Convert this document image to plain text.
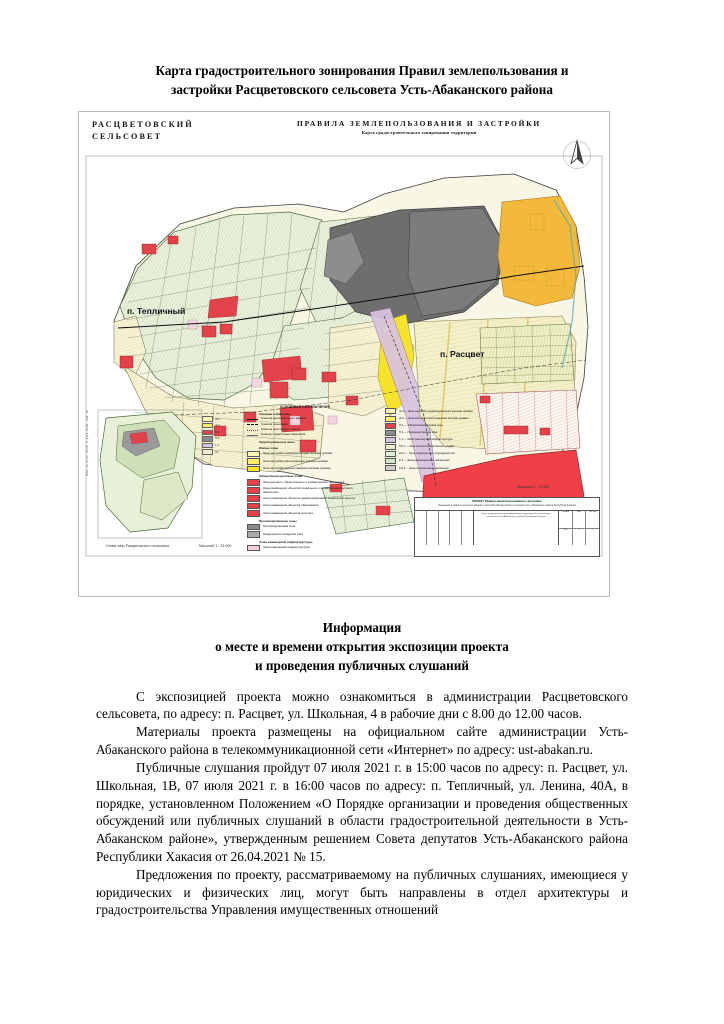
Карта градостроительного зонирования Правил землепользования и
застройки Расцветовского сельсовета Усть-Абаканского района
РАСЦВЕТОВСКИЙ
СЕЛЬСОВЕТ
ПРАВИЛА ЗЕМЛЕПОЛЬЗОВАНИЯ И ЗАСТРОЙКИ
Карта градостроительного зонирования территории
Инв. № подл. Подп. и дата Взам. инв. №
п. Тепличный
п. Расцвет
Масштаб 1 : 10 000
Масштаб 1 : 25 000
Схема зоны Расцветовского сельсовета
Ж-1
Ж-2
О-1
П-1
Т-1
СХ
УСЛОВНЫЕ ОБОЗНАЧЕНИЯ
Границы и кварталы
Граница муниципального района
Граница сельсовета
Граница населённого пункта
Границы кадастровых кварталов
Территориальные зоны
Жилые зоны
Зона застройки индивидуальными жилыми домами
Зона застройки малоэтажными жилыми домами
Зона застройки среднеэтажными жилыми домами
Общественно-деловые зоны
Зона делового, общественного и коммерческого назначения
Зона размещения объектов социального и коммунально-бытового назначения
Зона размещения объектов здравоохранения и социальной защиты
Зона размещения объектов образования
Зона размещения объектов культуры
Производственные зоны
Производственная зона
Коммунально-складская зона
Зоны инженерной инфраструктуры
Зона инженерной инфраструктуры
Ж-1 — Зона застройки индивидуальными жилыми домами
Ж-2 — Зона застройки малоэтажными жилыми домами
О-1 — Общественно-деловая зона
П-1 — Производственная зона
Т-1 — Зона транспортной инфраструктуры
СХ-1 — Зона сельскохозяйственных угодий
СХ-2 — Зона садоводства и огородничества
Р-1 — Зона рекреационного назначения
СН-1 — Зона специального назначения
ПРОЕКТ Правил землепользования и застройки
Изменения в правила землепользования и застройки Расцветовского сельсовета Усть-Абаканского района Республики Хакасия
Карта градостроительного зонирования территории Расцветовского сельсовета Усть-Абаканского района Республики Хакасия
Стадия	Лист	Листов
ПЗЗ	1	1
Информация
о месте и времени открытия экспозиции проекта
и проведения публичных слушаний

С экспозицией проекта можно ознакомиться в администрации Расцветовского сельсовета, по адресу: п. Расцвет, ул. Школьная, 4 в рабочие дни с 8.00 до 12.00 часов.

Материалы проекта размещены на официальном сайте администрации Усть-Абаканского района в телекоммуникационной сети «Интернет» по адресу: ust-abakan.ru.

Публичные слушания пройдут 07 июля 2021 г. в 15:00 часов по адресу: п. Расцвет, ул. Школьная, 1В, 07 июля 2021 г. в 16:00 часов по адресу: п. Тепличный, ул. Ленина, 40А, в порядке, установленном Положением «О Порядке организации и проведения общественных обсуждений или публичных слушаний в области градостроительной деятельности в Усть-Абаканском районе», утвержденным решением Совета депутатов Усть-Абаканского района Республики Хакасия от 26.04.2021 № 15.

Предложения по проекту, рассматриваемому на публичных слушаниях, имеющиеся у юридических и физических лиц, могут быть направлены в отдел архитектуры и градостроительства Управления имущественных отношений
